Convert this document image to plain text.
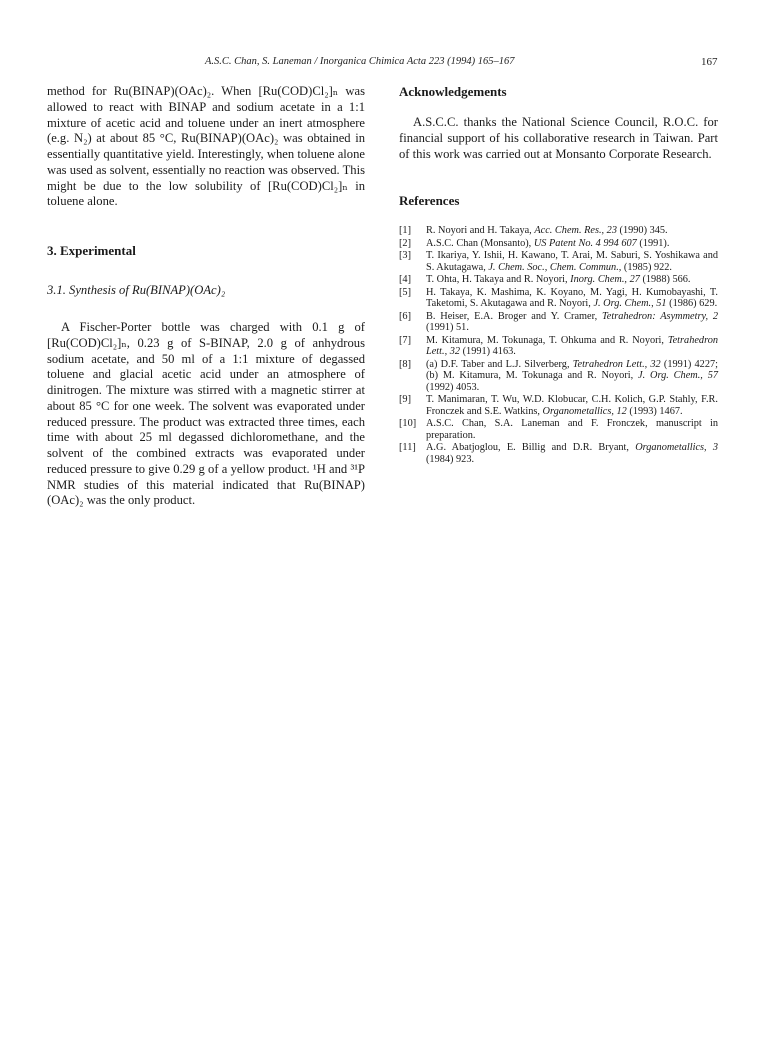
A.S.C. Chan, S. Laneman / Inorganica Chimica Acta 223 (1994) 165–167	167

method for Ru(BINAP)(OAc)₂. When [Ru(COD)Cl₂]ₙ was allowed to react with BINAP and sodium acetate in a 1:1 mixture of acetic acid and toluene under an inert atmosphere (e.g. N₂) at about 85 °C, Ru(BINAP)(OAc)₂ was obtained in essentially quantitative yield. Interestingly, when toluene alone was used as solvent, essentially no reaction was observed. This might be due to the low solubility of [Ru(COD)Cl₂]ₙ in toluene alone.

3. Experimental
3.1. Synthesis of Ru(BINAP)(OAc)₂

A Fischer-Porter bottle was charged with 0.1 g of [Ru(COD)Cl₂]ₙ, 0.23 g of S-BINAP, 2.0 g of anhydrous sodium acetate, and 50 ml of a 1:1 mixture of degassed toluene and glacial acetic acid under an atmosphere of dinitrogen. The mixture was stirred with a magnetic stirrer at about 85 °C for one week. The solvent was evaporated under reduced pressure. The product was extracted three times, each time with about 25 ml degassed dichloromethane, and the solvent of the combined extracts was evaporated under reduced pressure to give 0.29 g of a yellow product. ¹H and ³¹P NMR studies of this material indicated that Ru(BINAP)(OAc)₂ was the only product.

Acknowledgements

A.S.C.C. thanks the National Science Council, R.O.C. for financial support of his collaborative research in Taiwan. Part of this work was carried out at Monsanto Corporate Research.

References
[1]	R. Noyori and H. Takaya, Acc. Chem. Res., 23 (1990) 345.
[2]	A.S.C. Chan (Monsanto), US Patent No. 4 994 607 (1991).
[3]	T. Ikariya, Y. Ishii, H. Kawano, T. Arai, M. Saburi, S. Yoshikawa and S. Akutagawa, J. Chem. Soc., Chem. Commun., (1985) 922.
[4]	T. Ohta, H. Takaya and R. Noyori, Inorg. Chem., 27 (1988) 566.
[5]	H. Takaya, K. Mashima, K. Koyano, M. Yagi, H. Kumobayashi, T. Taketomi, S. Akutagawa and R. Noyori, J. Org. Chem., 51 (1986) 629.
[6]	B. Heiser, E.A. Broger and Y. Cramer, Tetrahedron: Asymmetry, 2 (1991) 51.
[7]	M. Kitamura, M. Tokunaga, T. Ohkuma and R. Noyori, Tetrahedron Lett., 32 (1991) 4163.
[8]	(a) D.F. Taber and L.J. Silverberg, Tetrahedron Lett., 32 (1991) 4227; (b) M. Kitamura, M. Tokunaga and R. Noyori, J. Org. Chem., 57 (1992) 4053.
[9]	T. Manimaran, T. Wu, W.D. Klobucar, C.H. Kolich, G.P. Stahly, F.R. Fronczek and S.E. Watkins, Organometallics, 12 (1993) 1467.
[10] A.S.C. Chan, S.A. Laneman and F. Fronczek, manuscript in preparation.
[11] A.G. Abatjoglou, E. Billig and D.R. Bryant, Organometallics, 3 (1984) 923.
